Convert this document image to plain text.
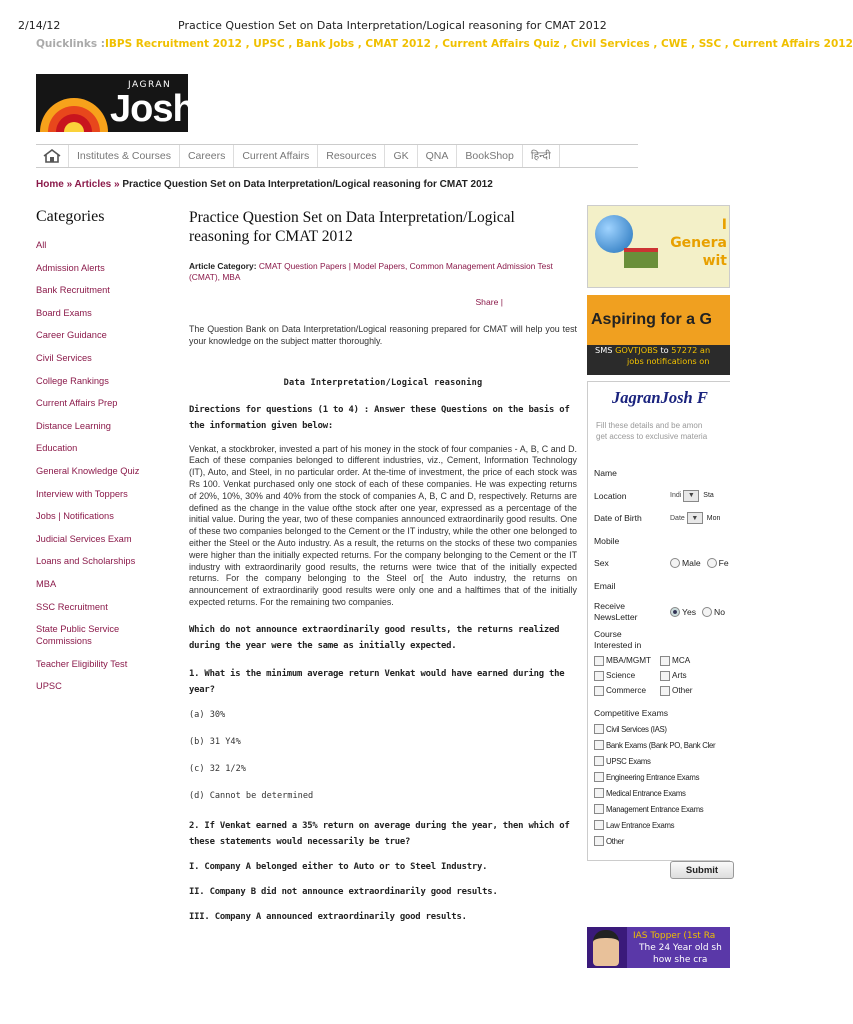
2/14/12	Practice Question Set on Data Interpretation/Logical reasoning for CMAT 2012
Quicklinks :IBPS Recruitment 2012 , UPSC , Bank Jobs , CMAT 2012 , Current Affairs Quiz , Civil Services , CWE , SSC , Current Affairs 2012
JAGRAN
Josh
Institutes & Courses	Careers	Current Affairs	Resources	GK	QNA	BookShop	हिन्दी
Home » Articles » Practice Question Set on Data Interpretation/Logical reasoning for CMAT 2012
Categories
All
Admission Alerts
Bank Recruitment
Board Exams
Career Guidance
Civil Services
College Rankings
Current Affairs Prep
Distance Learning
Education
General Knowledge Quiz
Interview with Toppers
Jobs | Notifications
Judicial Services Exam
Loans and Scholarships
MBA
SSC Recruitment
State Public Service Commissions
Teacher Eligibility Test
UPSC
Practice Question Set on Data Interpretation/Logical reasoning for CMAT 2012
Article Category: CMAT Question Papers | Model Papers, Common Management Admission Test (CMAT), MBA
Share |

The Question Bank on Data Interpretation/Logical reasoning prepared for CMAT will help you test your knowledge on the subject matter thoroughly.

Data Interpretation/Logical reasoning

Directions for questions (1 to 4) : Answer these Questions on the basis of the information given below:

Venkat, a stockbroker, invested a part of his money in the stock of four companies - A, B, C and D. Each of these companies belonged to different industries, viz., Cement, Information Technology (IT), Auto, and Steel, in no particular order. At the-time of investment, the price of each stock was Rs 100. Venkat purchased only one stock of each of these companies. He was expecting returns of 20%, 10%, 30% and 40% from the stock of companies A, B, C and D, respectively. Returns are defined as the change in the value ofthe stock after one year, expressed as a percentage of the initial value. During the year, two of these companies announced extraordinarily good results. One of these two companies belonged to the Cement or the IT industry, while the other one belonged to either the Steel or the Auto industry. As a result, the returns on the stocks of these two companies were higher than the initially expected returns. For the company belonging to the Cement or the IT industry with extraordinarily good results, the returns were twice that of the initially expected returns. For the company belonging to the Steel or[ the Auto industry, the returns on announcement of extraordinarily good results were only one and a halftimes that of the initially expected returns. For the remaining two companies.

Which do not announce extraordinarily good results, the returns realized during the year were the same as initially expected.

1. What is the minimum average return Venkat would have earned during the year?

(a) 30%
(b) 31 Y4%
(c) 32 1/2%
(d) Cannot be determined

2. If Venkat earned a 35% return on average during the year, then which of these statements would necessarily be true?

I. Company A belonged either to Auto or to Steel Industry.
II. Company B did not announce extraordinarily good results.
III. Company A announced extraordinarily good results.
I
Genera
wit
Aspiring for a G
SMS GOVTJOBS to 57272 an
jobs notifications on
JagranJosh F
Fill these details and be amon
get access to exclusive materia
Name
Location	Indi ▼	Sta
Date of Birth	Date ▼	Mon
Mobile
Sex	Male Fe
Email
Receive NewsLetter	Yes No
Course Interested in
MBA/MGMT	MCA
Science	Arts
Commerce	Other
Competitive Exams
Civil Services (IAS)
Bank Exams (Bank PO, Bank Cler
UPSC Exams
Engineering Entrance Exams
Medical Entrance Exams
Management Entrance Exams
Law Entrance Exams
Other
Submit
IAS Topper (1st Ra
The 24 Year old sh
how she cra
